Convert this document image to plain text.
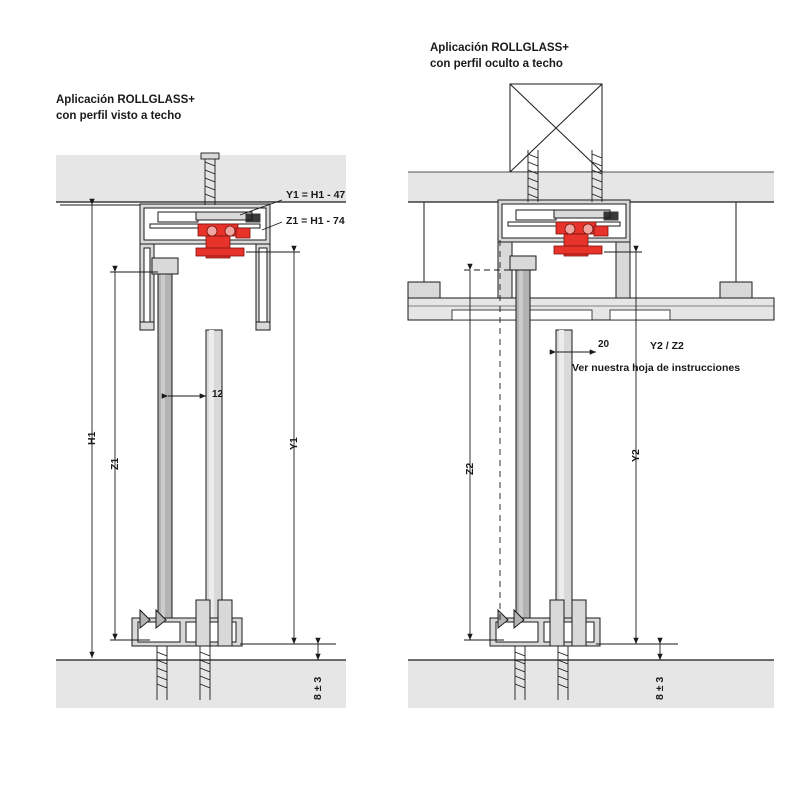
Aplicación ROLLGLASS+
con perfil visto a techo
Aplicación ROLLGLASS+
con perfil oculto a techo
Y1 = H1 - 47
Z1 = H1 - 74
H1
Z1
Y1
12
8 ± 3
Z2
Y2
20
8 ± 3
Y2 / Z2
Ver nuestra hoja de instrucciones
